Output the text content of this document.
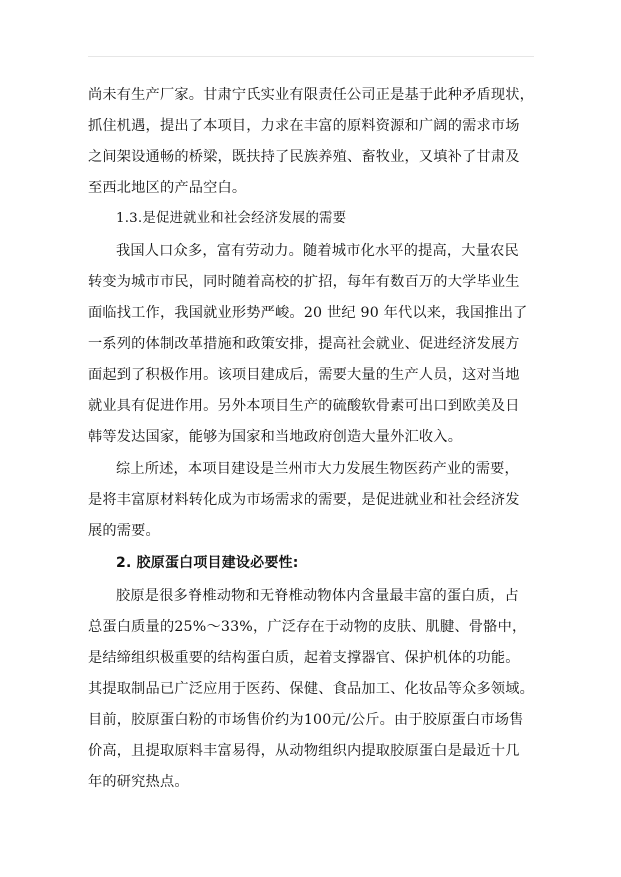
尚未有生产厂家。甘肃宁氏实业有限责任公司正是基于此种矛盾现状，
抓住机遇，提出了本项目，力求在丰富的原料资源和广阔的需求市场
之间架设通畅的桥梁，既扶持了民族养殖、畜牧业，又填补了甘肃及
至西北地区的产品空白。
1.3.是促进就业和社会经济发展的需要
我国人口众多，富有劳动力。随着城市化水平的提高，大量农民
转变为城市市民，同时随着高校的扩招，每年有数百万的大学毕业生
面临找工作，我国就业形势严峻。20 世纪 90 年代以来，我国推出了
一系列的体制改革措施和政策安排，提高社会就业、促进经济发展方
面起到了积极作用。该项目建成后，需要大量的生产人员，这对当地
就业具有促进作用。另外本项目生产的硫酸软骨素可出口到欧美及日
韩等发达国家，能够为国家和当地政府创造大量外汇收入。
综上所述，本项目建设是兰州市大力发展生物医药产业的需要，
是将丰富原材料转化成为市场需求的需要，是促进就业和社会经济发
展的需要。
2. 胶原蛋白项目建设必要性:
胶原是很多脊椎动物和无脊椎动物体内含量最丰富的蛋白质，占
总蛋白质量的25%～33%，广泛存在于动物的皮肤、肌腱、骨骼中，
是结缔组织极重要的结构蛋白质，起着支撑器官、保护机体的功能。
其提取制品已广泛应用于医药、保健、食品加工、化妆品等众多领域。
目前，胶原蛋白粉的市场售价约为100元/公斤。由于胶原蛋白市场售
价高，且提取原料丰富易得，从动物组织内提取胶原蛋白是最近十几
年的研究热点。
